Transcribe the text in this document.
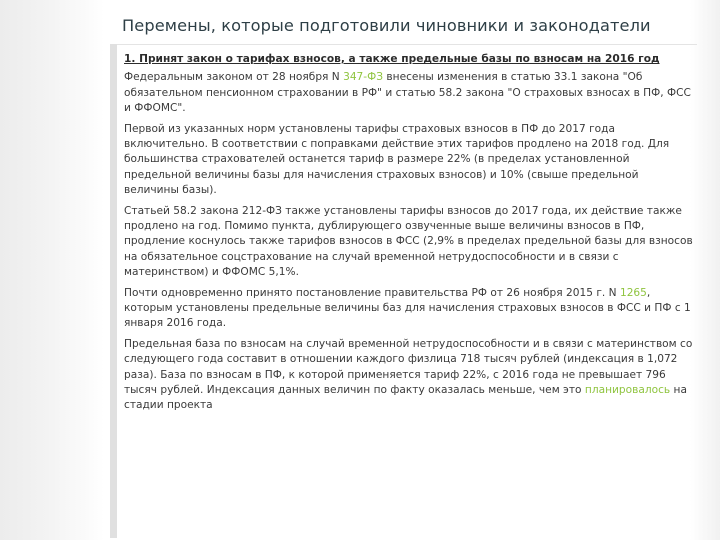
Перемены, которые подготовили чиновники и законодатели

1. Принят закон о тарифах взносов, а также предельные базы по взносам на 2016 год

Федеральным законом от 28 ноября N 347-ФЗ внесены изменения в статью 33.1 закона "Об обязательном пенсионном страховании в РФ" и статью 58.2 закона "О страховых взносах в ПФ, ФСС и ФФОМС".

Первой из указанных норм установлены тарифы страховых взносов в ПФ до 2017 года включительно. В соответствии с поправками действие этих тарифов продлено на 2018 год. Для большинства страхователей останется тариф в размере 22% (в пределах установленной предельной величины базы для начисления страховых взносов) и 10% (свыше предельной величины базы).

Статьей 58.2 закона 212-ФЗ также установлены тарифы взносов до 2017 года, их действие также продлено на год. Помимо пункта, дублирующего озвученные выше величины взносов в ПФ, продление коснулось также тарифов взносов в ФСС (2,9% в пределах предельной базы для взносов на обязательное соцстрахование на случай временной нетрудоспособности и в связи с материнством) и ФФОМС 5,1%.

Почти одновременно принято постановление правительства РФ от 26 ноября 2015 г. N 1265, которым установлены предельные величины баз для начисления страховых взносов в ФСС и ПФ с 1 января 2016 года.

Предельная база по взносам на случай временной нетрудоспособности и в связи с материнством со следующего года составит в отношении каждого физлица 718 тысяч рублей (индексация в 1,072 раза). База по взносам в ПФ, к которой применяется тариф 22%, с 2016 года не превышает 796 тысяч рублей. Индексация данных величин по факту оказалась меньше, чем это планировалось на стадии проекта
